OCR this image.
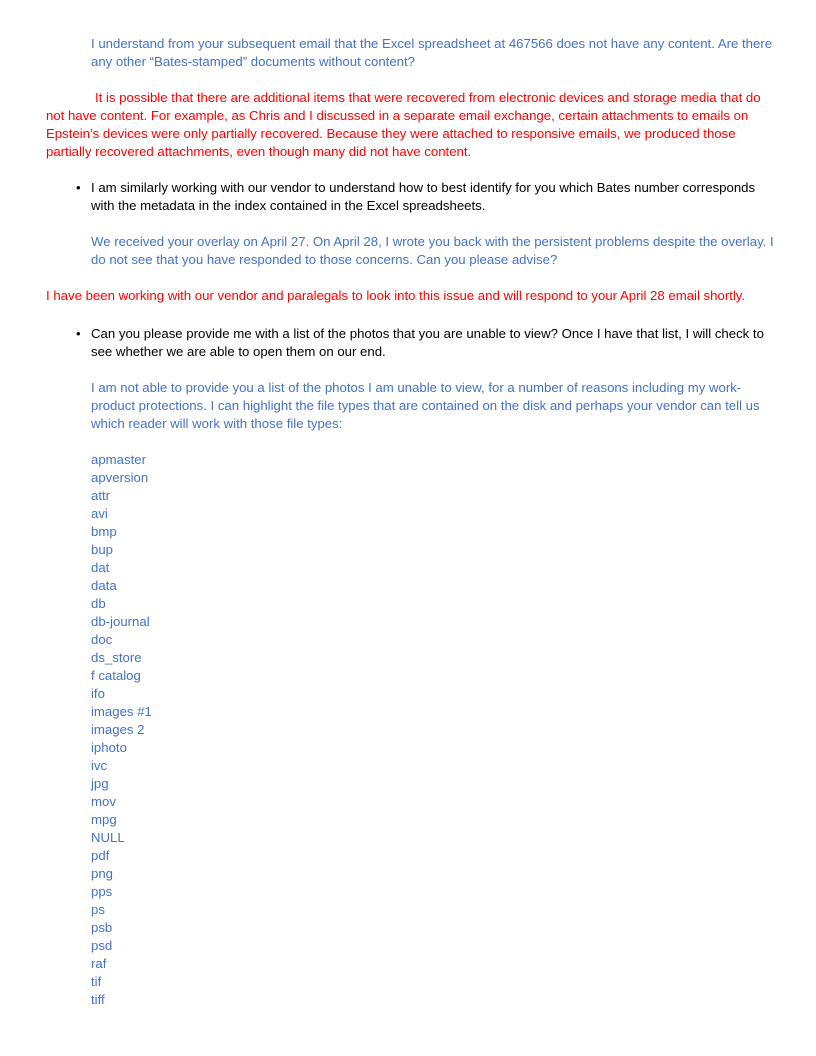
I understand from your subsequent email that the Excel spreadsheet at 467566 does not have any content. Are there any other “Bates-stamped” documents without content?

It is possible that there are additional items that were recovered from electronic devices and storage media that do not have content. For example, as Chris and I discussed in a separate email exchange, certain attachments to emails on Epstein’s devices were only partially recovered. Because they were attached to responsive emails, we produced those partially recovered attachments, even though many did not have content.

• I am similarly working with our vendor to understand how to best identify for you which Bates number corresponds with the metadata in the index contained in the Excel spreadsheets.

We received your overlay on April 27. On April 28, I wrote you back with the persistent problems despite the overlay. I do not see that you have responded to those concerns. Can you please advise?

I have been working with our vendor and paralegals to look into this issue and will respond to your April 28 email shortly.

• Can you please provide me with a list of the photos that you are unable to view? Once I have that list, I will check to see whether we are able to open them on our end.

I am not able to provide you a list of the photos I am unable to view, for a number of reasons including my work-product protections. I can highlight the file types that are contained on the disk and perhaps your vendor can tell us which reader will work with those file types:

apmaster
apversion
attr
avi
bmp
bup
dat
data
db
db-journal
doc
ds_store
f catalog
ifo
images #1
images 2
iphoto
ivc
jpg
mov
mpg
NULL
pdf
png
pps
ps
psb
psd
raf
tif
tiff
